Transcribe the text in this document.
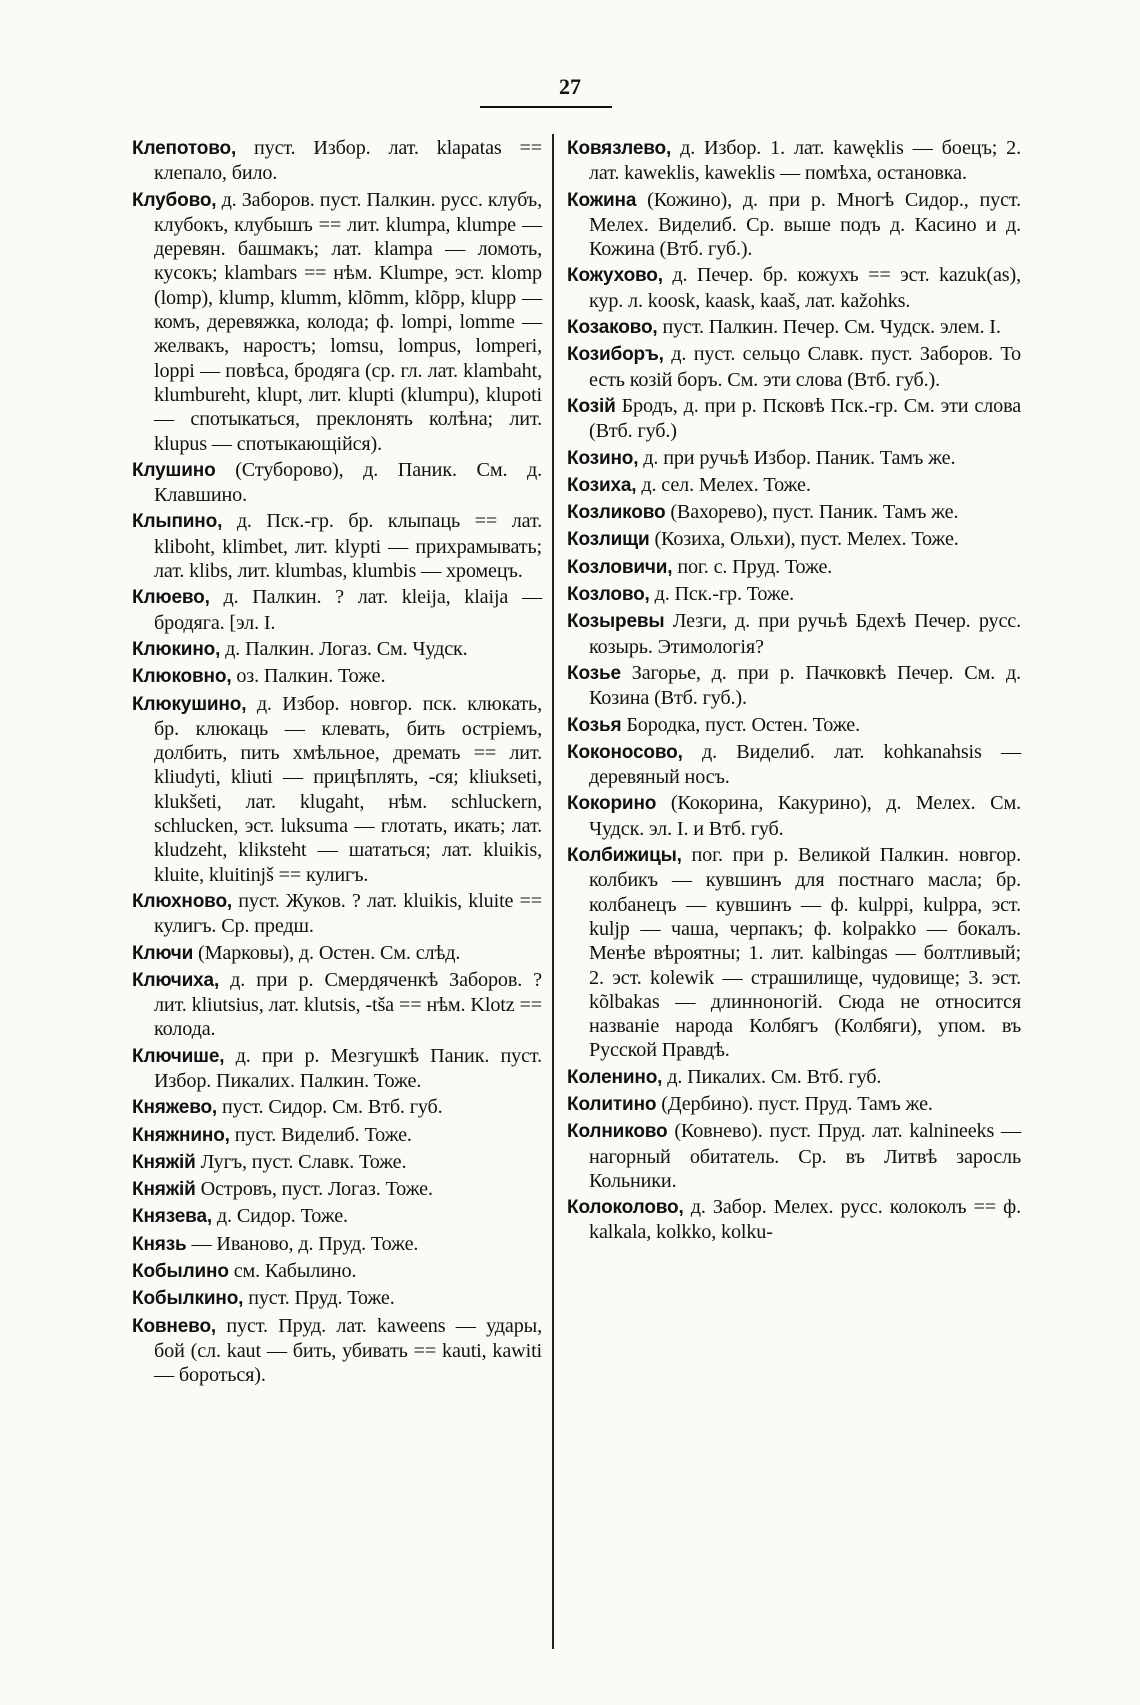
27
Клепотово, пуст. Избор. лат. klapatas == клепало, било.
Клубово, д. Заборов. пуст. Палкин. русс. клубъ, клубокъ, клубышъ == лит. klumpa, klumpe — деревян. башмакъ; лат. klampa — ломоть, кусокъ; klambars == нѣм. Klumpe, эст. klomp (lomp), klump, klumm, klõmm, klõpp, klupp — комъ, деревяжка, колода; ф. lompi, lomme — желвакъ, наростъ; lomsu, lompus, lomperi, loppi — повѣса, бродяга (ср. гл. лат. klambaht, klumbureht, klupt, лит. klupti (klumpu), klupoti — спотыкаться, преклонять колѣна; лит. klupus — спотыкающійся).
Клушино (Стуборово), д. Паник. См. д. Клавшино.
Клыпино, д. Пск.-гр. бр. клыпаць == лат. kliboht, klimbet, лит. klypti — прихрамывать; лат. klibs, лит. klumbas, klumbis — хромецъ.
Клюево, д. Палкин. ? лат. kleija, klaija — бродяга. [эл. I.
Клюкино, д. Палкин. Логаз. См. Чудск.
Клюковно, оз. Палкин. Тоже.
Клюкушино, д. Избор. новгор. пск. клюкать, бр. клюкаць — клевать, бить остріемъ, долбить, пить хмѣльное, дремать == лит. kliudyti, kliuti — прицѣплять, -ся; kliukseti, klukšeti, лат. klugaht, нѣм. schluckern, schlucken, эст. luksuma — глотать, икать; лат. kludzeht, kliksteht — шататься; лат. kluikis, kluite, kluitinjš == кулигъ.
Клюхново, пуст. Жуков. ? лат. kluikis, kluite == кулигъ. Ср. предш.
Ключи (Марковы), д. Остен. См. слѣд.
Ключиха, д. при р. Смердяченкѣ Заборов. ? лит. kliutsius, лат. klutsis, -tša == нѣм. Klotz == колода.
Ключише, д. при р. Мезгушкѣ Паник. пуст. Избор. Пикалих. Палкин. Тоже.
Княжево, пуст. Сидор. См. Втб. губ.
Княжнино, пуст. Виделиб. Тоже.
Княжій Лугъ, пуст. Славк. Тоже.
Княжій Островъ, пуст. Логаз. Тоже.
Князева, д. Сидор. Тоже.
Князь — Иваново, д. Пруд. Тоже.
Кобылино см. Кабылино.
Кобылкино, пуст. Пруд. Тоже.
Ковнево, пуст. Пруд. лат. kaweens — удары, бой (сл. kaut — бить, убивать == kauti, kawiti — бороться).
Ковязлево, д. Избор. 1. лат. kawęklis — боецъ; 2. лат. kaweklis, kaweklis — помѣха, остановка.
Кожина (Кожино), д. при р. Многѣ Сидор., пуст. Мелех. Виделиб. Ср. выше подъ д. Касино и д. Кожина (Втб. губ.).
Кожухово, д. Печер. бр. кожухъ == эст. kazuk(as), кур. л. koosk, kaask, kaaš, лат. kažohks.
Козаково, пуст. Палкин. Печер. См. Чудск. элем. I.
Козиборъ, д. пуст. сельцо Славк. пуст. Заборов. То есть козій боръ. См. эти слова (Втб. губ.).
Козій Бродъ, д. при р. Псковѣ Пск.-гр. См. эти слова (Втб. губ.)
Козино, д. при ручьѣ Избор. Паник. Тамъ же.
Козиха, д. сел. Мелех. Тоже.
Козликово (Вахорево), пуст. Паник. Тамъ же.
Козлищи (Козиха, Ольхи), пуст. Мелех. Тоже.
Козловичи, пог. с. Пруд. Тоже.
Козлово, д. Пск.-гр. Тоже.
Козыревы Лезги, д. при ручьѣ Бдехѣ Печер. русс. козырь. Этимологія?
Козье Загорье, д. при р. Пачковкѣ Печер. См. д. Козина (Втб. губ.).
Козья Бородка, пуст. Остен. Тоже.
Коконосово, д. Виделиб. лат. kohkanahsis — деревяный носъ.
Кокорино (Кокорина, Какурино), д. Мелех. См. Чудск. эл. I. и Втб. губ.
Колбижицы, пог. при р. Великой Палкин. новгор. колбикъ — кувшинъ для постнаго масла; бр. колбанецъ — кувшинъ — ф. kulppi, kulppa, эст. kulјp — чаша, черпакъ; ф. kolpakko — бокалъ. Менѣе вѣроятны; 1. лит. kalbingas — болтливый; 2. эст. kolewik — страшилище, чудовище; 3. эст. kõlbakas — длинноногій. Сюда не относится названіе народа Колбягъ (Колбяги), упом. въ Русской Правдѣ.
Коленино, д. Пикалих. См. Втб. губ.
Колитино (Дербино). пуст. Пруд. Тамъ же.
Колниково (Ковнево). пуст. Пруд. лат. kalnineeks — нагорный обитатель. Ср. въ Литвѣ заросль Кольники.
Колоколово, д. Забор. Мелех. русс. колоколъ == ф. kalkala, kolkko, kolku-
